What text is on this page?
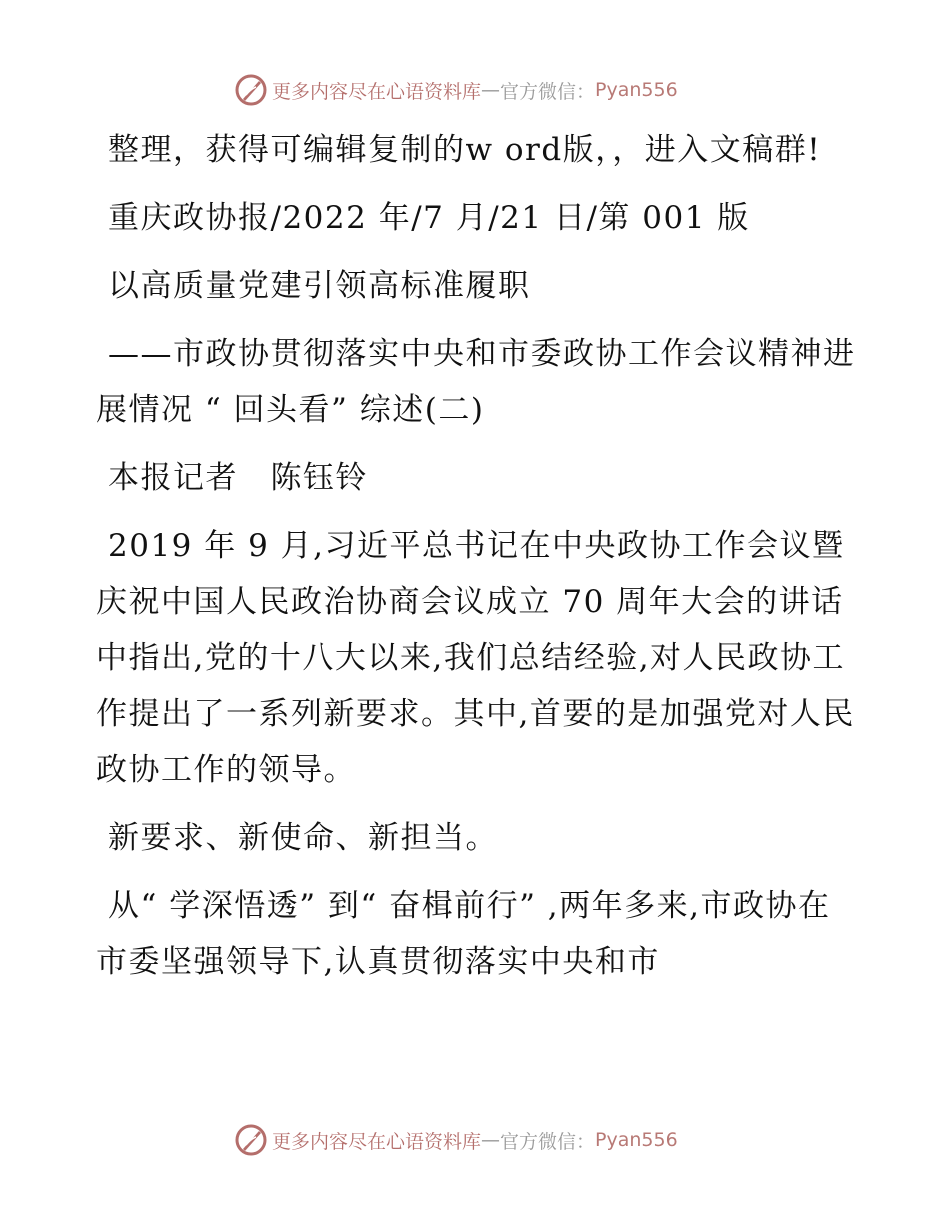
更多内容尽在心语资料库 — 官方微信： Pyan556

整理，获得可编辑复制的w ord版，，进入文稿群!

重庆政协报/2022 年/7 月/21 日/第 001 版

以高质量党建引领高标准履职

——市政协贯彻落实中央和市委政协工作会议精神进展情况 “ 回头看” 综述(二)

本报记者　陈钰铃

2019 年 9 月,习近平总书记在中央政协工作会议暨庆祝中国人民政治协商会议成立 70 周年大会的讲话中指出,党的十八大以来,我们总结经验,对人民政协工作提出了一系列新要求。其中,首要的是加强党对人民政协工作的领导。

新要求、新使命、新担当。

从“ 学深悟透” 到“ 奋楫前行” ,两年多来,市政协在市委坚强领导下,认真贯彻落实中央和市

更多内容尽在心语资料库 — 官方微信： Pyan556
